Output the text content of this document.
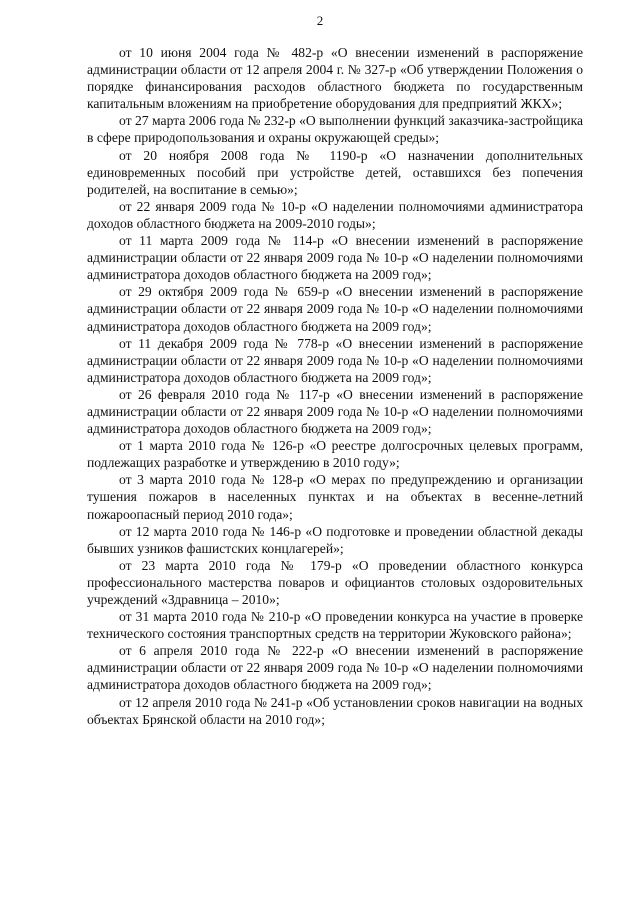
2

от 10 июня 2004 года № 482-р «О внесении изменений в распоряжение администрации области от 12 апреля 2004 г. № 327-р «Об утверждении Положения о порядке финансирования расходов областного бюджета по государственным капитальным вложениям на приобретение оборудования для предприятий ЖКХ»;

от 27 марта 2006 года № 232-р «О выполнении функций заказчика-застройщика в сфере природопользования и охраны окружающей среды»;

от 20 ноября 2008 года № 1190-р «О назначении дополнительных единовременных пособий при устройстве детей, оставшихся без попечения родителей, на воспитание в семью»;

от 22 января 2009 года № 10-р «О наделении полномочиями администратора доходов областного бюджета на 2009-2010 годы»;

от 11 марта 2009 года № 114-р «О внесении изменений в распоряжение администрации области от 22 января 2009 года № 10-р «О наделении полномочиями администратора доходов областного бюджета на 2009 год»;

от 29 октября 2009 года № 659-р «О внесении изменений в распоряжение администрации области от 22 января 2009 года № 10-р «О наделении полномочиями администратора доходов областного бюджета на 2009 год»;

от 11 декабря 2009 года № 778-р «О внесении изменений в распоряжение администрации области от 22 января 2009 года № 10-р «О наделении полномочиями администратора доходов областного бюджета на 2009 год»;

от 26 февраля 2010 года № 117-р «О внесении изменений в распоряжение администрации области от 22 января 2009 года № 10-р «О наделении полномочиями администратора доходов областного бюджета на 2009 год»;

от 1 марта 2010 года № 126-р «О реестре долгосрочных целевых программ, подлежащих разработке и утверждению в 2010 году»;

от 3 марта 2010 года № 128-р «О мерах по предупреждению и организации тушения пожаров в населенных пунктах и на объектах в весенне-летний пожароопасный период 2010 года»;

от 12 марта 2010 года № 146-р «О подготовке и проведении областной декады бывших узников фашистских концлагерей»;

от 23 марта 2010 года № 179-р «О проведении областного конкурса профессионального мастерства поваров и официантов столовых оздоровительных учреждений «Здравница – 2010»;

от 31 марта 2010 года № 210-р «О проведении конкурса на участие в проверке технического состояния транспортных средств на территории Жуковского района»;

от 6 апреля 2010 года № 222-р «О внесении изменений в распоряжение администрации области от 22 января 2009 года № 10-р «О наделении полномочиями администратора доходов областного бюджета на 2009 год»;

от 12 апреля 2010 года № 241-р «Об установлении сроков навигации на водных объектах Брянской области на 2010 год»;
